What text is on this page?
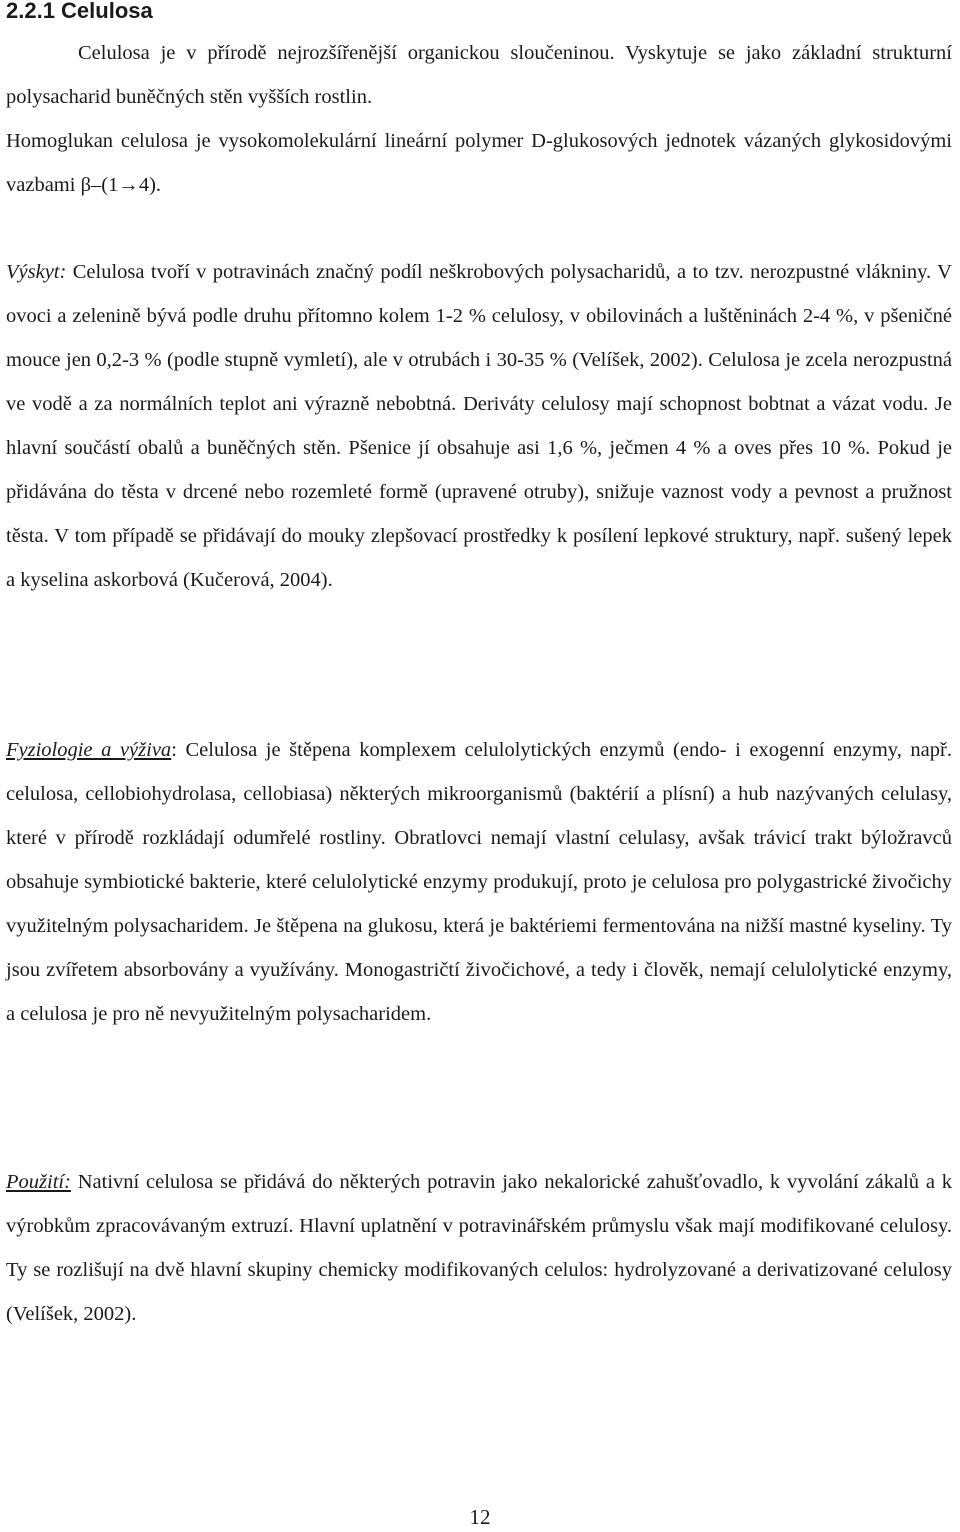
2.2.1 Celulosa

Celulosa je v přírodě nejrozšířenější organickou sloučeninou. Vyskytuje se jako základní strukturní polysacharid buněčných stěn vyšších rostlin.

Homoglukan celulosa je vysokomolekulární lineární polymer D-glukosových jednotek vázaných glykosidovými vazbami β–(1→4).

Výskyt: Celulosa tvoří v potravinách značný podíl neškrobových polysacharidů, a to tzv. nerozpustné vlákniny. V ovoci a zelenině bývá podle druhu přítomno kolem 1-2 % celulosy, v obilovinách a luštěninách 2-4 %, v pšeničné mouce jen 0,2-3 % (podle stupně vymletí), ale v otrubách i 30-35 % (Velíšek, 2002). Celulosa je zcela nerozpustná ve vodě a za normálních teplot ani výrazně nebobtná. Deriváty celulosy mají schopnost bobtnat a vázat vodu. Je hlavní součástí obalů a buněčných stěn. Pšenice jí obsahuje asi 1,6 %, ječmen 4 % a oves přes 10 %. Pokud je přidávána do těsta v drcené nebo rozemleté formě (upravené otruby), snižuje vaznost vody a pevnost a pružnost těsta. V tom případě se přidávají do mouky zlepšovací prostředky k posílení lepkové struktury, např. sušený lepek a kyselina askorbová (Kučerová, 2004).

Fyziologie a výživa: Celulosa je štěpena komplexem celulolytických enzymů (endo- i exogenní enzymy, např. celulosa, cellobiohydrolasa, cellobiasa) některých mikroorganismů (baktérií a plísní) a hub nazývaných celulasy, které v přírodě rozkládají odumřelé rostliny. Obratlovci nemají vlastní celulasy, avšak trávicí trakt býložravců obsahuje symbiotické bakterie, které celulolytické enzymy produkují, proto je celulosa pro polygastrické živočichy využitelným polysacharidem. Je štěpena na glukosu, která je baktériemi fermentována na nižší mastné kyseliny. Ty jsou zvířetem absorbovány a využívány. Monogastričtí živočichové, a tedy i člověk, nemají celulolytické enzymy, a celulosa je pro ně nevyužitelným polysacharidem.

Použití: Nativní celulosa se přidává do některých potravin jako nekalorické zahušťovadlo, k vyvolání zákalů a k výrobkům zpracovávaným extruzí. Hlavní uplatnění v potravinářském průmyslu však mají modifikované celulosy. Ty se rozlišují na dvě hlavní skupiny chemicky modifikovaných celulos: hydrolyzované a derivatizované celulosy (Velíšek, 2002).

12
